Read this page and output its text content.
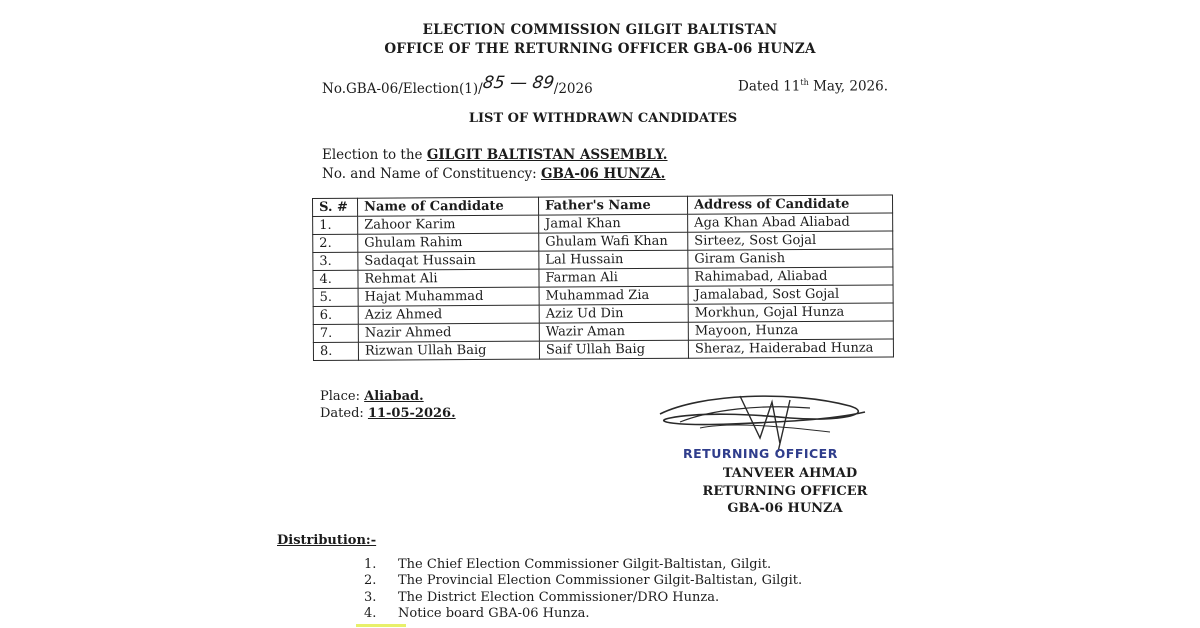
ELECTION COMMISSION GILGIT BALTISTAN
OFFICE OF THE RETURNING OFFICER GBA-06 HUNZA
No.GBA-06/Election(1)/85 — 89/2026	Dated 11th May, 2026.
LIST OF WITHDRAWN CANDIDATES
Election to the GILGIT BALTISTAN ASSEMBLY.
No. and Name of Constituency: GBA-06 HUNZA.
S. #	Name of Candidate	Father's Name	Address of Candidate
1.	Zahoor Karim	Jamal Khan	Aga Khan Abad Aliabad
2.	Ghulam Rahim	Ghulam Wafi Khan	Sirteez, Sost Gojal
3.	Sadaqat Hussain	Lal Hussain	Giram Ganish
4.	Rehmat Ali	Farman Ali	Rahimabad, Aliabad
5.	Hajat Muhammad	Muhammad Zia	Jamalabad, Sost Gojal
6.	Aziz Ahmed	Aziz Ud Din	Morkhun, Gojal Hunza
7.	Nazir Ahmed	Wazir Aman	Mayoon, Hunza
8.	Rizwan Ullah Baig	Saif Ullah Baig	Sheraz, Haiderabad Hunza
Place: Aliabad.
Dated: 11-05-2026.
RETURNING OFFICER
TANVEER AHMAD
RETURNING OFFICER
GBA-06 HUNZA
Distribution:-
1. The Chief Election Commissioner Gilgit-Baltistan, Gilgit.
2. The Provincial Election Commissioner Gilgit-Baltistan, Gilgit.
3. The District Election Commissioner/DRO Hunza.
4. Notice board GBA-06 Hunza.
